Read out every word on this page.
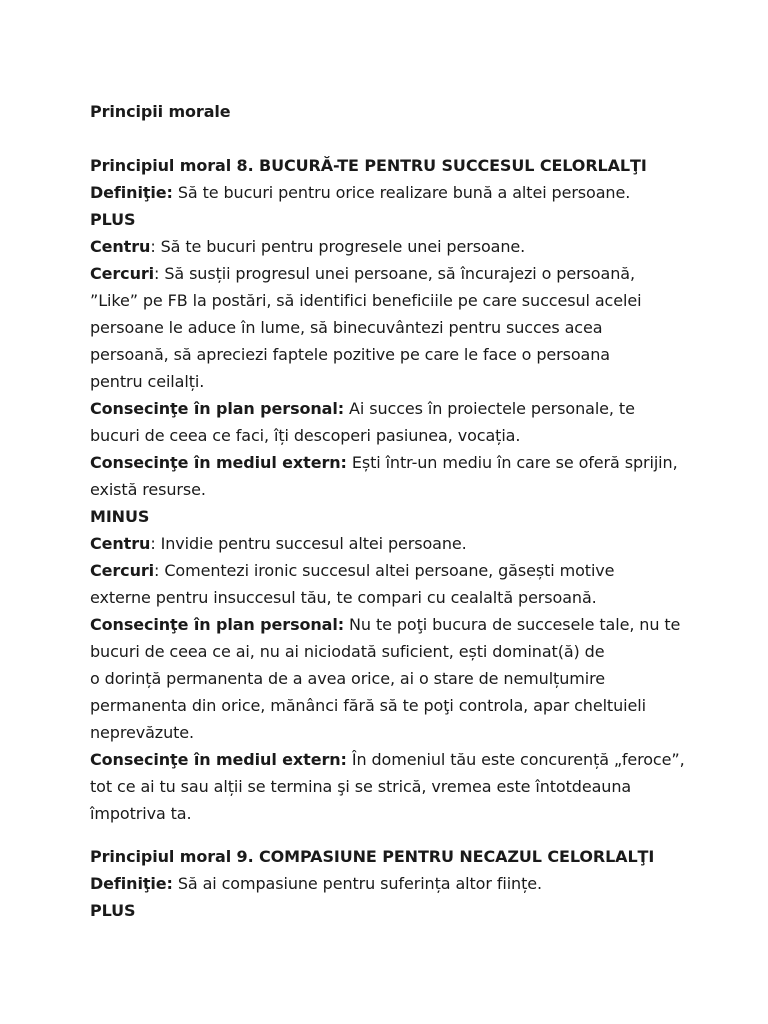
Principii morale
Principiul moral 8. BUCURĂ-TE PENTRU SUCCESUL CELORLALŢI
Definiţie: Să te bucuri pentru orice realizare bună a altei persoane.
PLUS
Centru: Să te bucuri pentru progresele unei persoane.
Cercuri: Să susții progresul unei persoane, să încurajezi o persoană,
”Like” pe FB la postări, să identifici beneficiile pe care succesul acelei
persoane le aduce în lume, să binecuvântezi pentru succes acea
persoană, să apreciezi faptele pozitive pe care le face o persoana
pentru ceilalți.
Consecinţe în plan personal: Ai succes în proiectele personale, te
bucuri de ceea ce faci, îți descoperi pasiunea, vocația.
Consecinţe în mediul extern: Ești într-un mediu în care se oferă sprijin,
există resurse.
MINUS
Centru: Invidie pentru succesul altei persoane.
Cercuri: Comentezi ironic succesul altei persoane, găsești motive
externe pentru insuccesul tău, te compari cu cealaltă persoană.
Consecinţe în plan personal: Nu te poţi bucura de succesele tale, nu te
bucuri de ceea ce ai, nu ai niciodată suficient, ești dominat(ă) de
o dorință permanenta de a avea orice, ai o stare de nemulțumire
permanenta din orice, mănânci fără să te poţi controla, apar cheltuieli
neprevăzute.
Consecinţe în mediul extern: În domeniul tău este concurență „feroce”,
tot ce ai tu sau alții se termina şi se strică, vremea este întotdeauna
împotriva ta.
Principiul moral 9. COMPASIUNE PENTRU NECAZUL CELORLALŢI
Definiţie: Să ai compasiune pentru suferința altor ființe.
PLUS
